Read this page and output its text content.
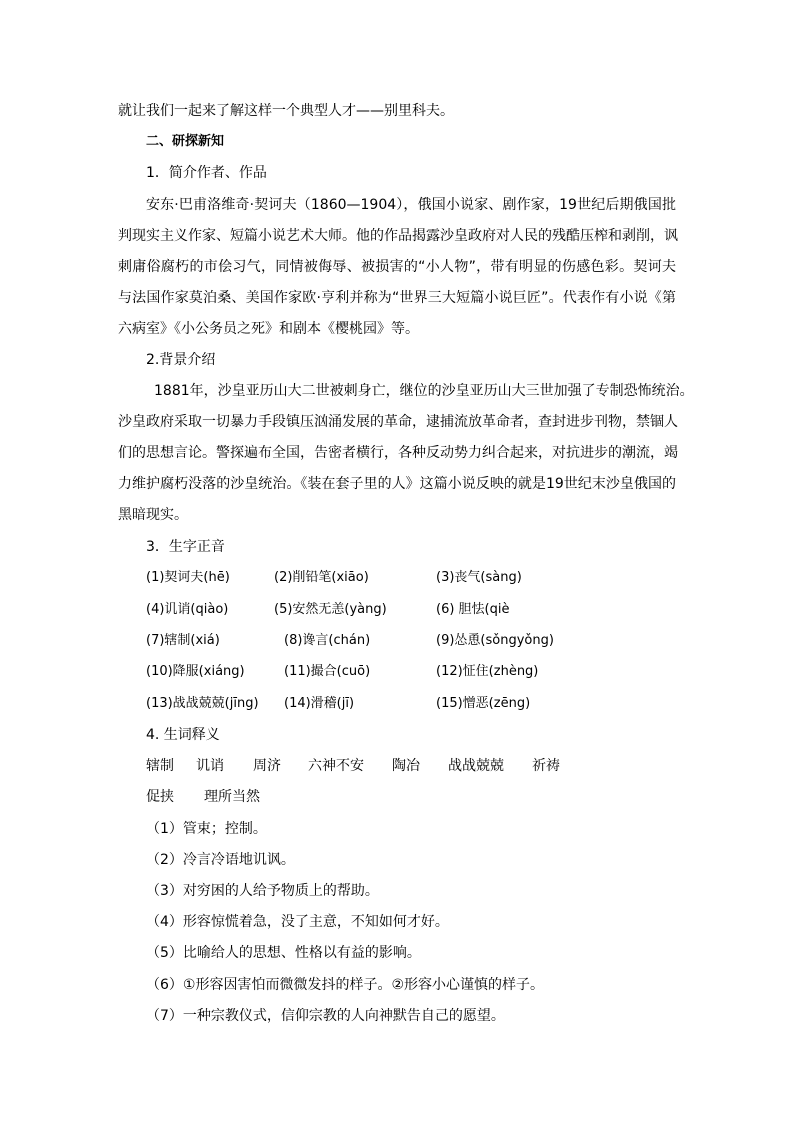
就让我们一起来了解这样一个典型人才——别里科夫。
二、研探新知
1．简介作者、作品
安东·巴甫洛维奇·契诃夫（1860—1904），俄国小说家、剧作家，19世纪后期俄国批
判现实主义作家、短篇小说艺术大师。他的作品揭露沙皇政府对人民的残酷压榨和剥削，讽
刺庸俗腐朽的市侩习气，同情被侮辱、被损害的“小人物”，带有明显的伤感色彩。契诃夫
与法国作家莫泊桑、美国作家欧·亨利并称为“世界三大短篇小说巨匠”。代表作有小说《第
六病室》《小公务员之死》和剧本《樱桃园》等。
2.背景介绍
1881年，沙皇亚历山大二世被刺身亡，继位的沙皇亚历山大三世加强了专制恐怖统治。
沙皇政府采取一切暴力手段镇压汹涌发展的革命，逮捕流放革命者，查封进步刊物，禁锢人
们的思想言论。警探遍布全国，告密者横行，各种反动势力纠合起来，对抗进步的潮流，竭
力维护腐朽没落的沙皇统治。《装在套子里的人》这篇小说反映的就是19世纪末沙皇俄国的
黑暗现实。
3．生字正音
(1)契诃夫(hē)	(2)削铅笔(xiāo)	(3)丧气(sàng)
(4)讥诮(qiào)	(5)安然无恙(yàng)	(6) 胆怯(qiè
(7)辖制(xiá)	(8)谗言(chán)	(9)怂恿(sǒngyǒng)
(10)降服(xiáng)	(11)撮合(cuō)	(12)怔住(zhèng)
(13)战战兢兢(jīng) (14)滑稽(jī)	(15)憎恶(zēng)
4. 生词释义
辖制 讥诮 周济 六神不安 陶冶 战战兢兢 祈祷
促挟 理所当然
（1）管束；控制。
（2）冷言冷语地讥讽。
（3）对穷困的人给予物质上的帮助。
（4）形容惊慌着急，没了主意，不知如何才好。
（5）比喻给人的思想、性格以有益的影响。
（6）①形容因害怕而微微发抖的样子。②形容小心谨慎的样子。
（7）一种宗教仪式，信仰宗教的人向神默告自己的愿望。
